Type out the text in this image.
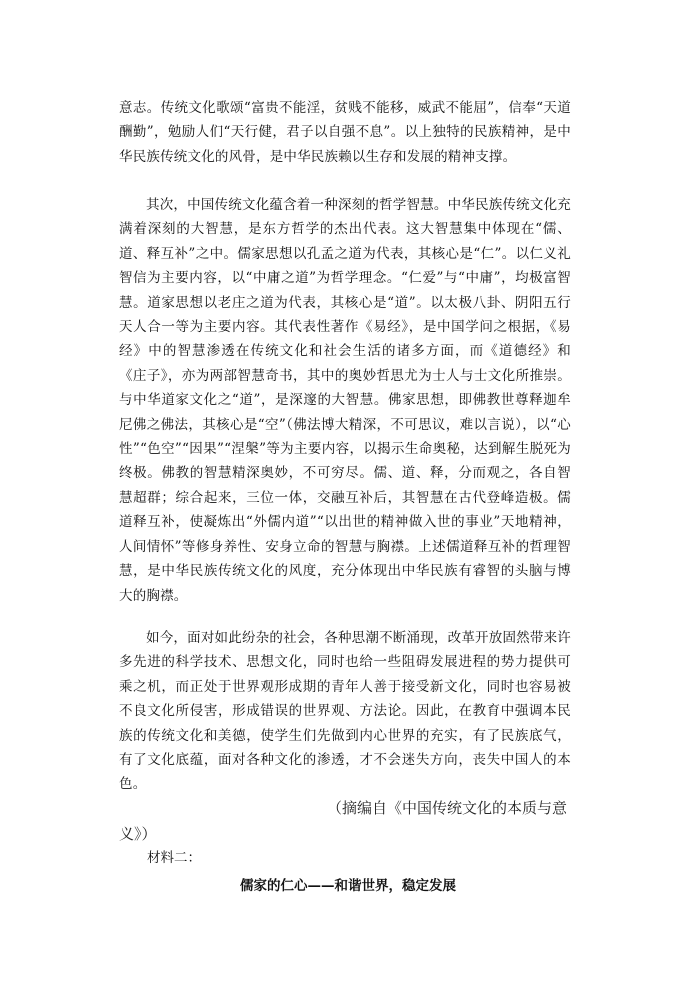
意志。传统文化歌颂“富贵不能淫，贫贱不能移，威武不能屈”，信奉“天道酬勤”，勉励人们“天行健，君子以自强不息”。以上独特的民族精神，是中华民族传统文化的风骨，是中华民族赖以生存和发展的精神支撑。

其次，中国传统文化蕴含着一种深刻的哲学智慧。中华民族传统文化充满着深刻的大智慧，是东方哲学的杰出代表。这大智慧集中体现在“儒、道、释互补”之中。儒家思想以孔孟之道为代表，其核心是“仁”。以仁义礼智信为主要内容，以“中庸之道”为哲学理念。“仁爱”与“中庸”，均极富智慧。道家思想以老庄之道为代表，其核心是“道”。以太极八卦、阴阳五行天人合一等为主要内容。其代表性著作《易经》，是中国学问之根据，《易经》中的智慧渗透在传统文化和社会生活的诸多方面，而《道德经》和《庄子》，亦为两部智慧奇书，其中的奥妙哲思尤为士人与士文化所推崇。与中华道家文化之“道”，是深邃的大智慧。佛家思想，即佛教世尊释迦牟尼佛之佛法，其核心是“空”（佛法博大精深，不可思议，难以言说），以“心性”“色空”“因果”“涅槃”等为主要内容，以揭示生命奥秘，达到解生脱死为终极。佛教的智慧精深奥妙，不可穷尽。儒、道、释，分而观之，各自智慧超群；综合起来，三位一体，交融互补后，其智慧在古代登峰造极。儒道释互补，使凝炼出“外儒内道”“以出世的精神做入世的事业”天地精神，人间情怀”等修身养性、安身立命的智慧与胸襟。上述儒道释互补的哲理智慧，是中华民族传统文化的风度，充分体现出中华民族有睿智的头脑与博大的胸襟。

如今，面对如此纷杂的社会，各种思潮不断涌现，改革开放固然带来许多先进的科学技术、思想文化，同时也给一些阻碍发展进程的势力提供可乘之机，而正处于世界观形成期的青年人善于接受新文化，同时也容易被不良文化所侵害，形成错误的世界观、方法论。因此，在教育中强调本民族的传统文化和美德，使学生们先做到内心世界的充实，有了民族底气，有了文化底蕴，面对各种文化的渗透，才不会迷失方向，丧失中国人的本色。

（摘编自《中国传统文化的本质与意
义》）
材料二：
儒家的仁心——和谐世界，稳定发展
